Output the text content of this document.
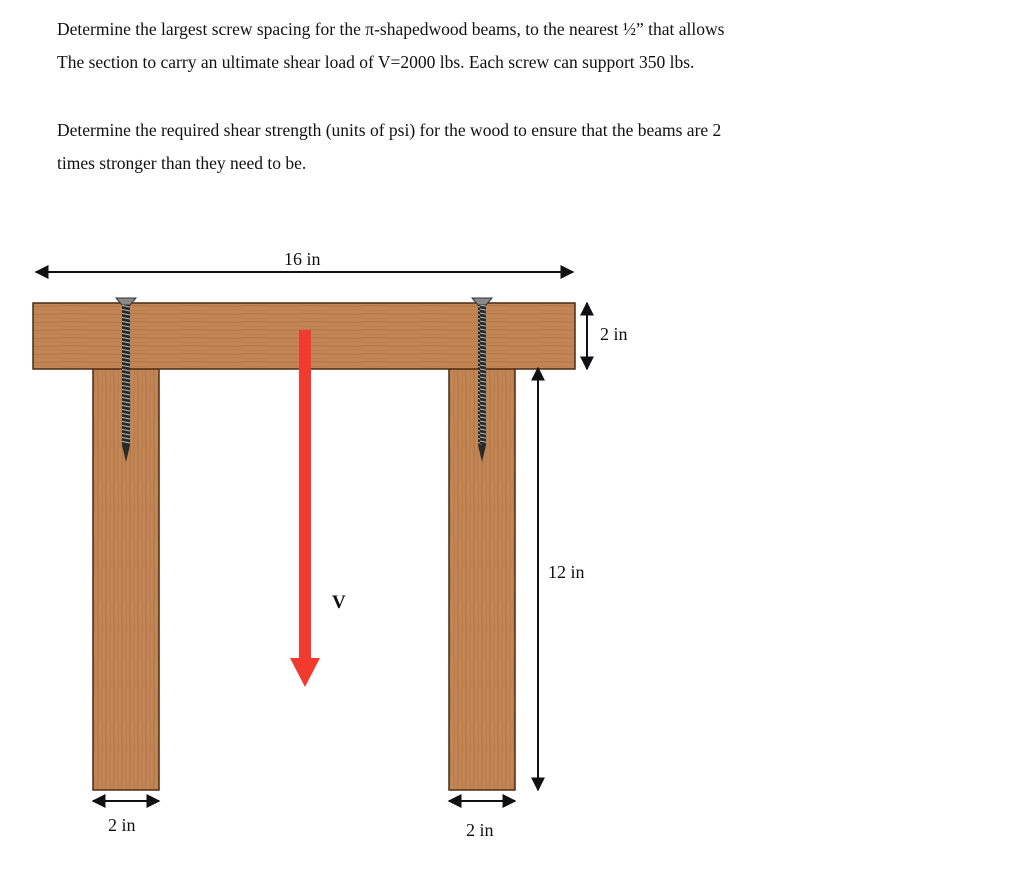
Determine the largest screw spacing for the π-shapedwood beams, to the nearest ½” that allows
The section to carry an ultimate shear load of V=2000 lbs. Each screw can support 350 lbs.
Determine the required shear strength (units of psi) for the wood to ensure that the beams are 2
times stronger than they need to be.
16 in
2 in
12 in
2 in	2 in
V
